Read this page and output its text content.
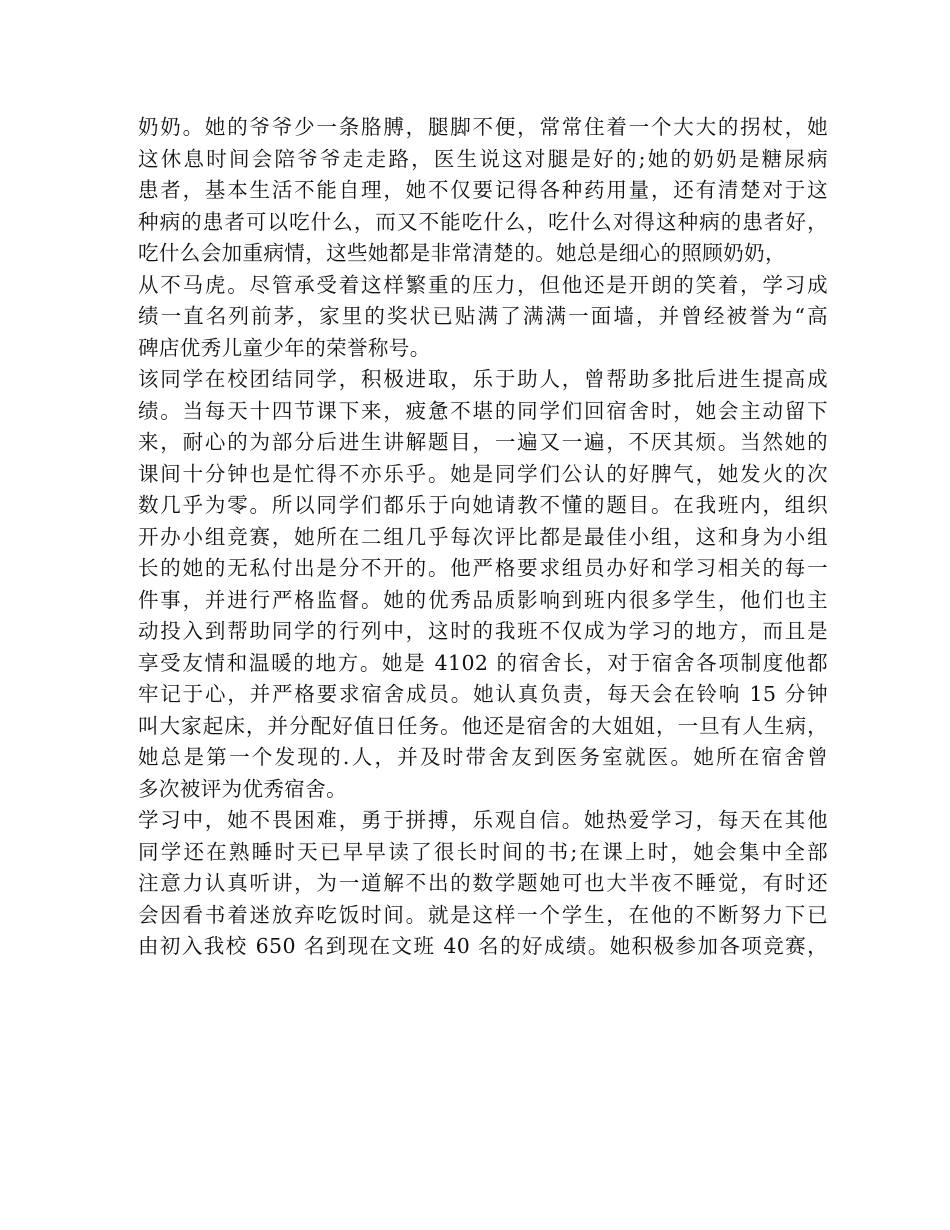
奶奶。她的爷爷少一条胳膊，腿脚不便，常常住着一个大大的拐杖，她
这休息时间会陪爷爷走走路，医生说这对腿是好的;她的奶奶是糖尿病
患者，基本生活不能自理，她不仅要记得各种药用量，还有清楚对于这
种病的患者可以吃什么，而又不能吃什么，吃什么对得这种病的患者好，
吃什么会加重病情，这些她都是非常清楚的。她总是细心的照顾奶奶，
从不马虎。尽管承受着这样繁重的压力，但他还是开朗的笑着，学习成
绩一直名列前茅，家里的奖状已贴满了满满一面墙，并曾经被誉为“高
碑店优秀儿童少年的荣誉称号。
该同学在校团结同学，积极进取，乐于助人，曾帮助多批后进生提高成
绩。当每天十四节课下来，疲惫不堪的同学们回宿舍时，她会主动留下
来，耐心的为部分后进生讲解题目，一遍又一遍，不厌其烦。当然她的
课间十分钟也是忙得不亦乐乎。她是同学们公认的好脾气，她发火的次
数几乎为零。所以同学们都乐于向她请教不懂的题目。在我班内，组织
开办小组竞赛，她所在二组几乎每次评比都是最佳小组，这和身为小组
长的她的无私付出是分不开的。他严格要求组员办好和学习相关的每一
件事，并进行严格监督。她的优秀品质影响到班内很多学生，他们也主
动投入到帮助同学的行列中，这时的我班不仅成为学习的地方，而且是
享受友情和温暖的地方。她是 4102 的宿舍长，对于宿舍各项制度他都
牢记于心，并严格要求宿舍成员。她认真负责，每天会在铃响 15 分钟
叫大家起床，并分配好值日任务。他还是宿舍的大姐姐，一旦有人生病，
她总是第一个发现的.人，并及时带舍友到医务室就医。她所在宿舍曾
多次被评为优秀宿舍。
学习中，她不畏困难，勇于拼搏，乐观自信。她热爱学习，每天在其他
同学还在熟睡时天已早早读了很长时间的书;在课上时，她会集中全部
注意力认真听讲，为一道解不出的数学题她可也大半夜不睡觉，有时还
会因看书着迷放弃吃饭时间。就是这样一个学生，在他的不断努力下已
由初入我校 650 名到现在文班 40 名的好成绩。她积极参加各项竞赛，
